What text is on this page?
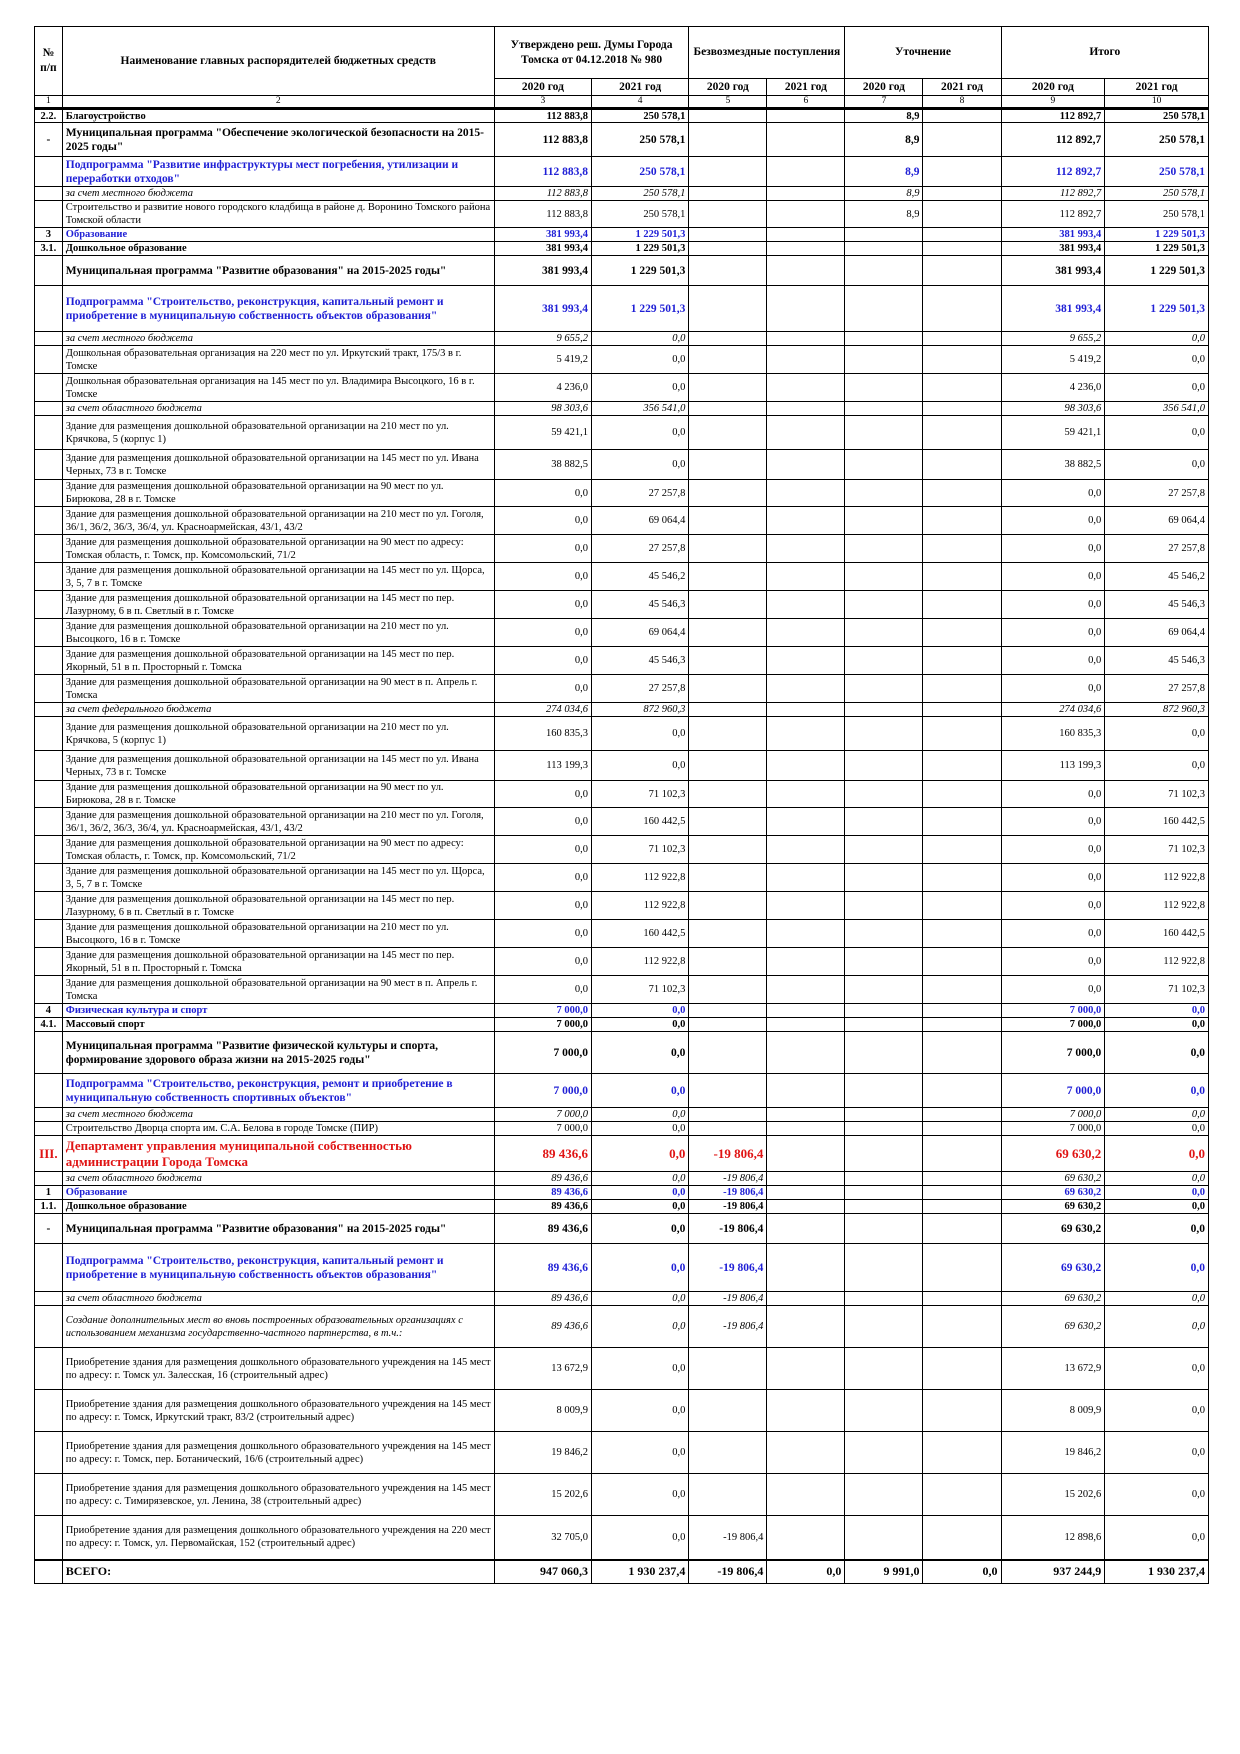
№ п/п	Наименование главных распорядителей бюджетных средств	Утверждено реш. Думы Города Томска от 04.12.2018 № 980		Безвозмездные поступления		Уточнение		Итого	
		2020 год	2021 год	2020 год	2021 год	2020 год	2021 год	2020 год	2021 год
1	2	3	4	5	6	7	8	9	10
2.2.	Благоустройство	112 883,8	250 578,1			8,9		112 892,7	250 578,1
-	Муниципальная программа "Обеспечение экологической безопасности на 2015-2025 годы"	112 883,8	250 578,1			8,9		112 892,7	250 578,1
	Подпрограмма "Развитие инфраструктуры мест погребения, утилизации и переработки отходов"	112 883,8	250 578,1			8,9		112 892,7	250 578,1
	за счет местного бюджета	112 883,8	250 578,1			8,9		112 892,7	250 578,1
	Строительство и развитие нового городского кладбища в районе д. Воронино Томского района Томской области	112 883,8	250 578,1			8,9		112 892,7	250 578,1
3	Образование	381 993,4	1 229 501,3					381 993,4	1 229 501,3
3.1.	Дошкольное образование	381 993,4	1 229 501,3					381 993,4	1 229 501,3
	Муниципальная программа "Развитие образования" на 2015-2025 годы"	381 993,4	1 229 501,3					381 993,4	1 229 501,3
	Подпрограмма "Строительство, реконструкция, капитальный ремонт и приобретение в муниципальную собственность объектов образования"	381 993,4	1 229 501,3					381 993,4	1 229 501,3
	за счет местного бюджета	9 655,2	0,0					9 655,2	0,0
	Дошкольная образовательная организация на 220 мест по ул. Иркутский тракт, 175/3 в г. Томске	5 419,2	0,0					5 419,2	0,0
	Дошкольная образовательная организация на 145 мест по ул. Владимира Высоцкого, 16 в г. Томске	4 236,0	0,0					4 236,0	0,0
	за счет областного бюджета	98 303,6	356 541,0					98 303,6	356 541,0
	Здание для размещения дошкольной образовательной организации на 210 мест по ул. Крячкова, 5 (корпус 1)	59 421,1	0,0					59 421,1	0,0
	Здание для размещения дошкольной образовательной организации на 145 мест по ул. Ивана Черных, 73 в г. Томске	38 882,5	0,0					38 882,5	0,0
	Здание для размещения дошкольной образовательной организации на 90 мест по ул. Бирюкова, 28 в г. Томске	0,0	27 257,8					0,0	27 257,8
	Здание для размещения дошкольной образовательной организации на 210 мест по ул. Гоголя, 36/1, 36/2, 36/3, 36/4, ул. Красноармейская, 43/1, 43/2	0,0	69 064,4					0,0	69 064,4
	Здание для размещения дошкольной образовательной организации на 90 мест по адресу: Томская область, г. Томск, пр. Комсомольский, 71/2	0,0	27 257,8					0,0	27 257,8
	Здание для размещения дошкольной образовательной организации на 145 мест по ул. Щорса, 3, 5, 7 в г. Томске	0,0	45 546,2					0,0	45 546,2
	Здание для размещения дошкольной образовательной организации на 145 мест по пер. Лазурному, 6 в п. Светлый в г. Томске	0,0	45 546,3					0,0	45 546,3
	Здание для размещения дошкольной образовательной организации на 210 мест по ул. Высоцкого, 16 в г. Томске	0,0	69 064,4					0,0	69 064,4
	Здание для размещения дошкольной образовательной организации на 145 мест по пер. Якорный, 51 в п. Просторный г. Томска	0,0	45 546,3					0,0	45 546,3
	Здание для размещения дошкольной образовательной организации на 90 мест в п. Апрель г. Томска	0,0	27 257,8					0,0	27 257,8
	за счет федерального бюджета	274 034,6	872 960,3					274 034,6	872 960,3
	Здание для размещения дошкольной образовательной организации на 210 мест по ул. Крячкова, 5 (корпус 1)	160 835,3	0,0					160 835,3	0,0
	Здание для размещения дошкольной образовательной организации на 145 мест по ул. Ивана Черных, 73 в г. Томске	113 199,3	0,0					113 199,3	0,0
	Здание для размещения дошкольной образовательной организации на 90 мест по ул. Бирюкова, 28 в г. Томске	0,0	71 102,3					0,0	71 102,3
	Здание для размещения дошкольной образовательной организации на 210 мест по ул. Гоголя, 36/1, 36/2, 36/3, 36/4, ул. Красноармейская, 43/1, 43/2	0,0	160 442,5					0,0	160 442,5
	Здание для размещения дошкольной образовательной организации на 90 мест по адресу: Томская область, г. Томск, пр. Комсомольский, 71/2	0,0	71 102,3					0,0	71 102,3
	Здание для размещения дошкольной образовательной организации на 145 мест по ул. Щорса, 3, 5, 7 в г. Томске	0,0	112 922,8					0,0	112 922,8
	Здание для размещения дошкольной образовательной организации на 145 мест по пер. Лазурному, 6 в п. Светлый в г. Томске	0,0	112 922,8					0,0	112 922,8
	Здание для размещения дошкольной образовательной организации на 210 мест по ул. Высоцкого, 16 в г. Томске	0,0	160 442,5					0,0	160 442,5
	Здание для размещения дошкольной образовательной организации на 145 мест по пер. Якорный, 51 в п. Просторный г. Томска	0,0	112 922,8					0,0	112 922,8
	Здание для размещения дошкольной образовательной организации на 90 мест в п. Апрель г. Томска	0,0	71 102,3					0,0	71 102,3
4	Физическая культура и спорт	7 000,0	0,0					7 000,0	0,0
4.1.	Массовый спорт	7 000,0	0,0					7 000,0	0,0
	Муниципальная программа "Развитие физической культуры и спорта, формирование здорового образа жизни на 2015-2025 годы"	7 000,0	0,0					7 000,0	0,0
	Подпрограмма "Строительство, реконструкция, ремонт и приобретение в муниципальную собственность спортивных объектов"	7 000,0	0,0					7 000,0	0,0
	за счет местного бюджета	7 000,0	0,0					7 000,0	0,0
	Строительство Дворца спорта им. С.А. Белова в городе Томске (ПИР)	7 000,0	0,0					7 000,0	0,0
III.	Департамент управления муниципальной собственностью администрации Города Томска	89 436,6	0,0	-19 806,4				69 630,2	0,0
	за счет областного бюджета	89 436,6	0,0	-19 806,4				69 630,2	0,0
1	Образование	89 436,6	0,0	-19 806,4				69 630,2	0,0
1.1.	Дошкольное образование	89 436,6	0,0	-19 806,4				69 630,2	0,0
-	Муниципальная программа "Развитие образования" на 2015-2025 годы"	89 436,6	0,0	-19 806,4				69 630,2	0,0
	Подпрограмма "Строительство, реконструкция, капитальный ремонт и приобретение в муниципальную собственность объектов образования"	89 436,6	0,0	-19 806,4				69 630,2	0,0
	за счет областного бюджета	89 436,6	0,0	-19 806,4				69 630,2	0,0
	Создание дополнительных мест во вновь построенных образовательных организациях с использованием механизма государственно-частного партнерства, в т.ч.:	89 436,6	0,0	-19 806,4				69 630,2	0,0
	Приобретение здания для размещения дошкольного образовательного учреждения на 145 мест по адресу: г. Томск ул. Залесская, 16 (строительный адрес)	13 672,9	0,0					13 672,9	0,0
	Приобретение здания для размещения дошкольного образовательного учреждения на 145 мест по адресу: г. Томск, Иркутский тракт, 83/2 (строительный адрес)	8 009,9	0,0					8 009,9	0,0
	Приобретение здания для размещения дошкольного образовательного учреждения на 145 мест по адресу: г. Томск, пер. Ботанический, 16/6 (строительный адрес)	19 846,2	0,0					19 846,2	0,0
	Приобретение здания для размещения дошкольного образовательного учреждения на 145 мест по адресу: с. Тимирязевское, ул. Ленина, 38 (строительный адрес)	15 202,6	0,0					15 202,6	0,0
	Приобретение здания для размещения дошкольного образовательного учреждения на 220 мест по адресу: г. Томск, ул. Первомайская, 152 (строительный адрес)	32 705,0	0,0	-19 806,4				12 898,6	0,0
	ВСЕГО:	947 060,3	1 930 237,4	-19 806,4	0,0	9 991,0	0,0	937 244,9	1 930 237,4
